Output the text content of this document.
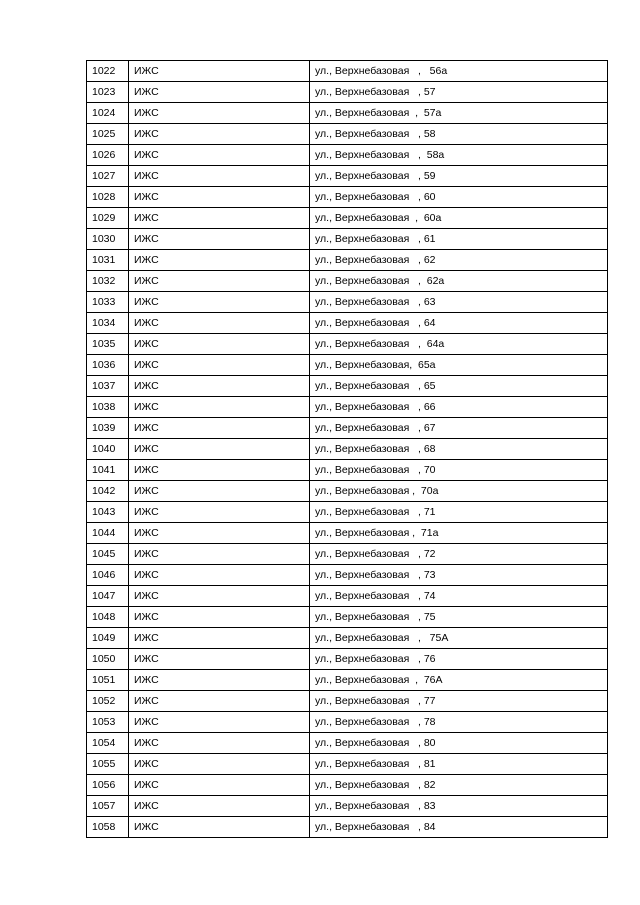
1022	ИЖС	ул., Верхнебазовая   ,   56а
1023	ИЖС	ул., Верхнебазовая   , 57
1024	ИЖС	ул., Верхнебазовая  ,  57а
1025	ИЖС	ул., Верхнебазовая   , 58
1026	ИЖС	ул., Верхнебазовая   ,  58а
1027	ИЖС	ул., Верхнебазовая   , 59
1028	ИЖС	ул., Верхнебазовая   , 60
1029	ИЖС	ул., Верхнебазовая  ,  60а
1030	ИЖС	ул., Верхнебазовая   , 61
1031	ИЖС	ул., Верхнебазовая   , 62
1032	ИЖС	ул., Верхнебазовая   ,  62а
1033	ИЖС	ул., Верхнебазовая   , 63
1034	ИЖС	ул., Верхнебазовая   , 64
1035	ИЖС	ул., Верхнебазовая   ,  64а
1036	ИЖС	ул., Верхнебазовая,  65а
1037	ИЖС	ул., Верхнебазовая   , 65
1038	ИЖС	ул., Верхнебазовая   , 66
1039	ИЖС	ул., Верхнебазовая   , 67
1040	ИЖС	ул., Верхнебазовая   , 68
1041	ИЖС	ул., Верхнебазовая   , 70
1042	ИЖС	ул., Верхнебазовая ,  70а
1043	ИЖС	ул., Верхнебазовая   , 71
1044	ИЖС	ул., Верхнебазовая ,  71а
1045	ИЖС	ул., Верхнебазовая   , 72
1046	ИЖС	ул., Верхнебазовая   , 73
1047	ИЖС	ул., Верхнебазовая   , 74
1048	ИЖС	ул., Верхнебазовая   , 75
1049	ИЖС	ул., Верхнебазовая   ,   75А
1050	ИЖС	ул., Верхнебазовая   , 76
1051	ИЖС	ул., Верхнебазовая  ,  76А
1052	ИЖС	ул., Верхнебазовая   , 77
1053	ИЖС	ул., Верхнебазовая   , 78
1054	ИЖС	ул., Верхнебазовая   , 80
1055	ИЖС	ул., Верхнебазовая   , 81
1056	ИЖС	ул., Верхнебазовая   , 82
1057	ИЖС	ул., Верхнебазовая   , 83
1058	ИЖС	ул., Верхнебазовая   , 84
